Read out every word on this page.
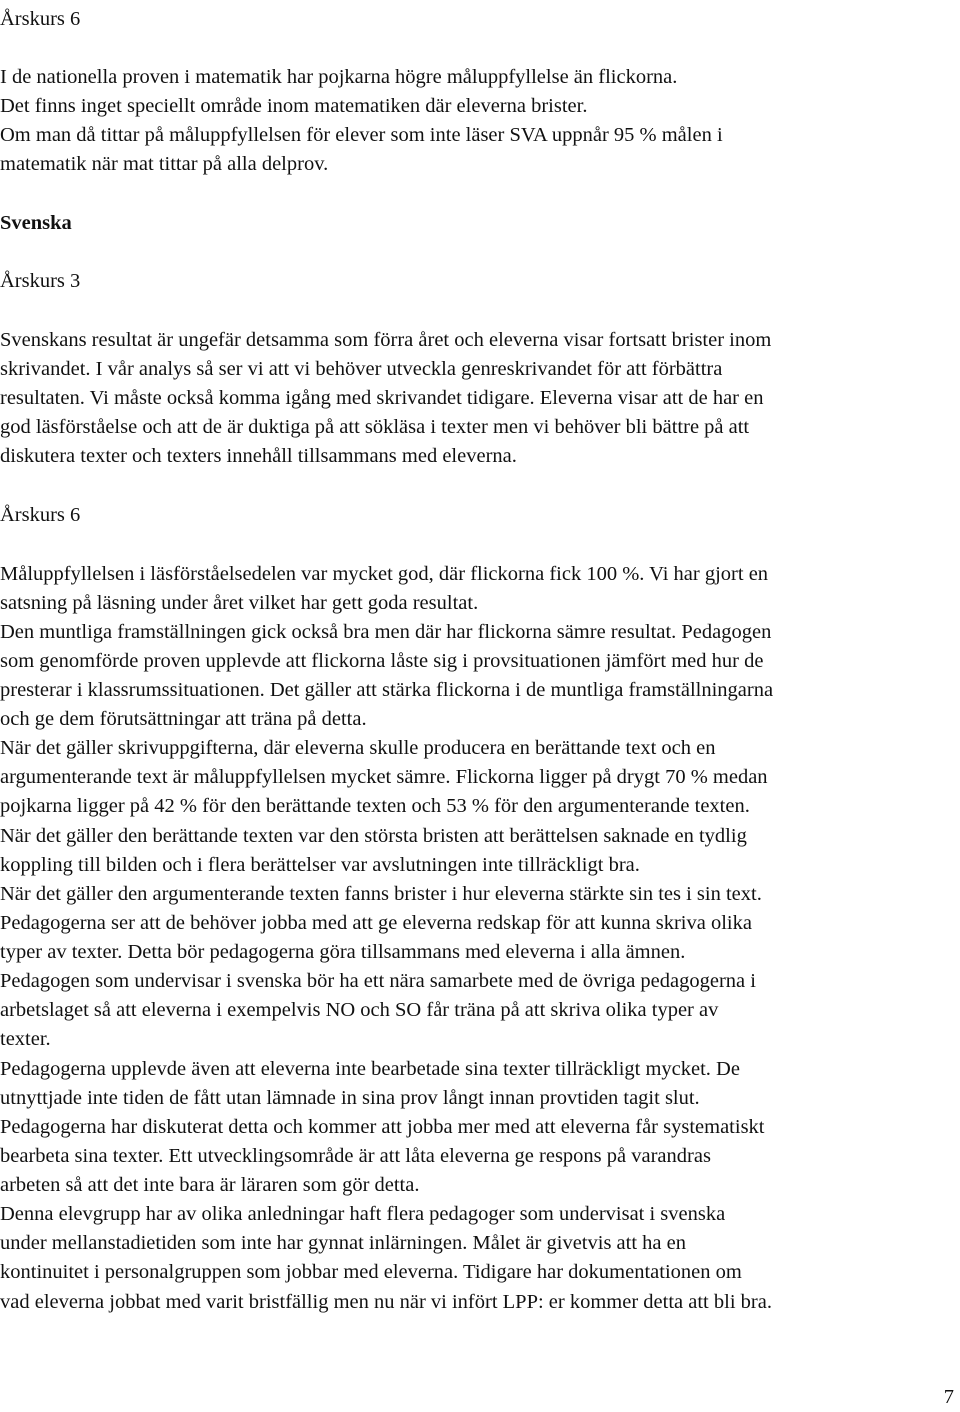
Årskurs 6

I de nationella proven i matematik har pojkarna högre måluppfyllelse än flickorna.

Det finns inget speciellt område inom matematiken där eleverna brister.

Om man då tittar på måluppfyllelsen för elever som inte läser SVA uppnår 95 % målen i

matematik när mat tittar på alla delprov.

Svenska

Årskurs 3

Svenskans resultat är ungefär detsamma som förra året och eleverna visar fortsatt brister inom

skrivandet. I vår analys så ser vi att vi behöver utveckla genreskrivandet för att förbättra

resultaten. Vi måste också komma igång med skrivandet tidigare. Eleverna visar att de har en

god läsförståelse och att de är duktiga på att sökläsa i texter men vi behöver bli bättre på att

diskutera texter och texters innehåll tillsammans med eleverna.

Årskurs 6

Måluppfyllelsen i läsförståelsedelen var mycket god, där flickorna fick 100 %. Vi har gjort en

satsning på läsning under året vilket har gett goda resultat.

Den muntliga framställningen gick också bra men där har flickorna sämre resultat. Pedagogen

som genomförde proven upplevde att flickorna låste sig i provsituationen jämfört med hur de

presterar i klassrumssituationen. Det gäller att stärka flickorna i de muntliga framställningarna

och ge dem förutsättningar att träna på detta.

När det gäller skrivuppgifterna, där eleverna skulle producera en berättande text och en

argumenterande text är måluppfyllelsen mycket sämre. Flickorna ligger på drygt 70 % medan

pojkarna ligger på 42 % för den berättande texten och 53 % för den argumenterande texten.

När det gäller den berättande texten var den största bristen att berättelsen saknade en tydlig

koppling till bilden och i flera berättelser var avslutningen inte tillräckligt bra.

När det gäller den argumenterande texten fanns brister i hur eleverna stärkte sin tes i sin text.

Pedagogerna ser att de behöver jobba med att ge eleverna redskap för att kunna skriva olika

typer av texter. Detta bör pedagogerna göra tillsammans med eleverna i alla ämnen.

Pedagogen som undervisar i svenska bör ha ett nära samarbete med de övriga pedagogerna i

arbetslaget så att eleverna i exempelvis NO och SO får träna på att skriva olika typer av

texter.

Pedagogerna upplevde även att eleverna inte bearbetade sina texter tillräckligt mycket. De

utnyttjade inte tiden de fått utan lämnade in sina prov långt innan provtiden tagit slut.

Pedagogerna har diskuterat detta och kommer att jobba mer med att eleverna får systematiskt

bearbeta sina texter. Ett utvecklingsområde är att låta eleverna ge respons på varandras

arbeten så att det inte bara är läraren som gör detta.

Denna elevgrupp har av olika anledningar haft flera pedagoger som undervisat i svenska

under mellanstadietiden som inte har gynnat inlärningen. Målet är givetvis att ha en

kontinuitet i personalgruppen som jobbar med eleverna. Tidigare har dokumentationen om

vad eleverna jobbat med varit bristfällig men nu när vi infört LPP: er kommer detta att bli bra.

7
